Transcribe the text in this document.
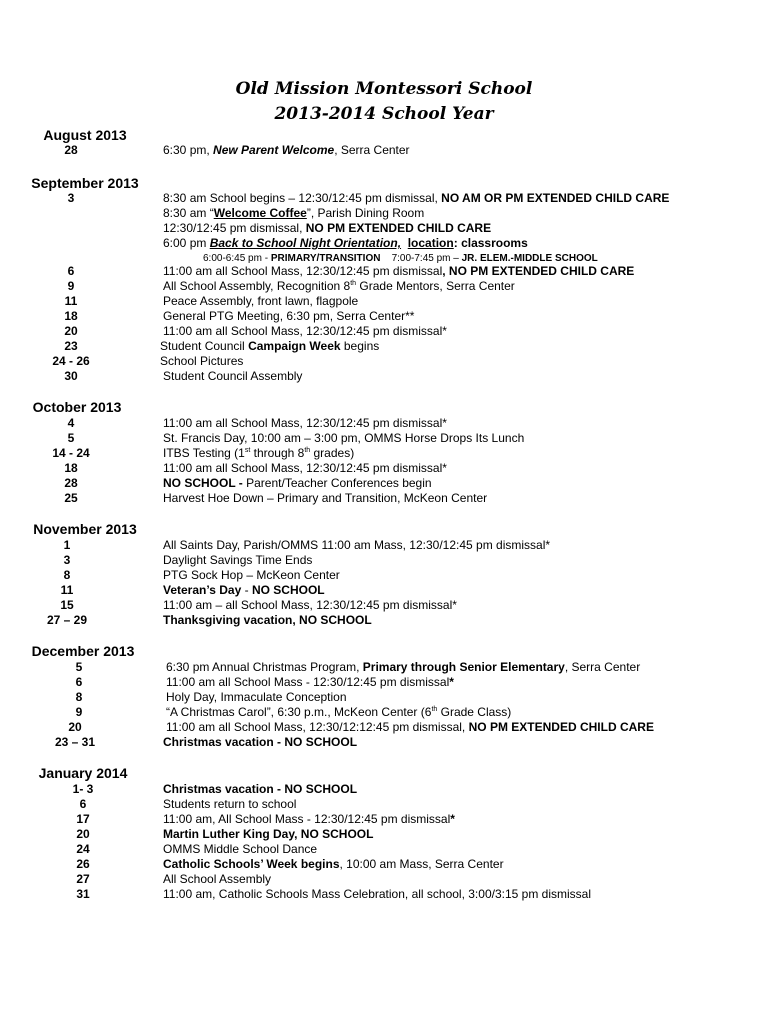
Old Mission Montessori School
2013-2014 School Year
August 2013
28	6:30 pm, New Parent Welcome, Serra Center
September 2013
3	8:30 am School begins – 12:30/12:45 pm dismissal, NO AM OR PM EXTENDED CHILD CARE
8:30 am “Welcome Coffee”, Parish Dining Room
12:30/12:45 pm dismissal, NO PM EXTENDED CHILD CARE
6:00 pm Back to School Night Orientation, location: classrooms
6:00-6:45 pm - PRIMARY/TRANSITION 7:00-7:45 pm – JR. ELEM.-MIDDLE SCHOOL
6	11:00 am all School Mass, 12:30/12:45 pm dismissal, NO PM EXTENDED CHILD CARE
9	All School Assembly, Recognition 8th Grade Mentors, Serra Center
11	Peace Assembly, front lawn, flagpole
18	General PTG Meeting, 6:30 pm, Serra Center**
20	11:00 am all School Mass, 12:30/12:45 pm dismissal*
23	Student Council Campaign Week begins
24 - 26	School Pictures
30	Student Council Assembly
October 2013
4	11:00 am all School Mass, 12:30/12:45 pm dismissal*
5	St. Francis Day, 10:00 am – 3:00 pm, OMMS Horse Drops Its Lunch
14 - 24	ITBS Testing (1st through 8th grades)
18	11:00 am all School Mass, 12:30/12:45 pm dismissal*
28	NO SCHOOL - Parent/Teacher Conferences begin
25	Harvest Hoe Down – Primary and Transition, McKeon Center
November 2013
1	All Saints Day, Parish/OMMS 11:00 am Mass, 12:30/12:45 pm dismissal*
3	Daylight Savings Time Ends
8	PTG Sock Hop – McKeon Center
11	Veteran’s Day - NO SCHOOL
15	11:00 am – all School Mass, 12:30/12:45 pm dismissal*
27 – 29	Thanksgiving vacation, NO SCHOOL
December 2013
5	6:30 pm Annual Christmas Program, Primary through Senior Elementary, Serra Center
6	11:00 am all School Mass - 12:30/12:45 pm dismissal*
8	Holy Day, Immaculate Conception
9	“A Christmas Carol”, 6:30 p.m., McKeon Center (6th Grade Class)
20	11:00 am all School Mass, 12:30/12:12:45 pm dismissal, NO PM EXTENDED CHILD CARE
23 – 31	Christmas vacation - NO SCHOOL
January 2014
1- 3	Christmas vacation - NO SCHOOL
6	Students return to school
17	11:00 am, All School Mass - 12:30/12:45 pm dismissal*
20	Martin Luther King Day, NO SCHOOL
24	OMMS Middle School Dance
26	Catholic Schools’ Week begins, 10:00 am Mass, Serra Center
27	All School Assembly
31	11:00 am, Catholic Schools Mass Celebration, all school, 3:00/3:15 pm dismissal
